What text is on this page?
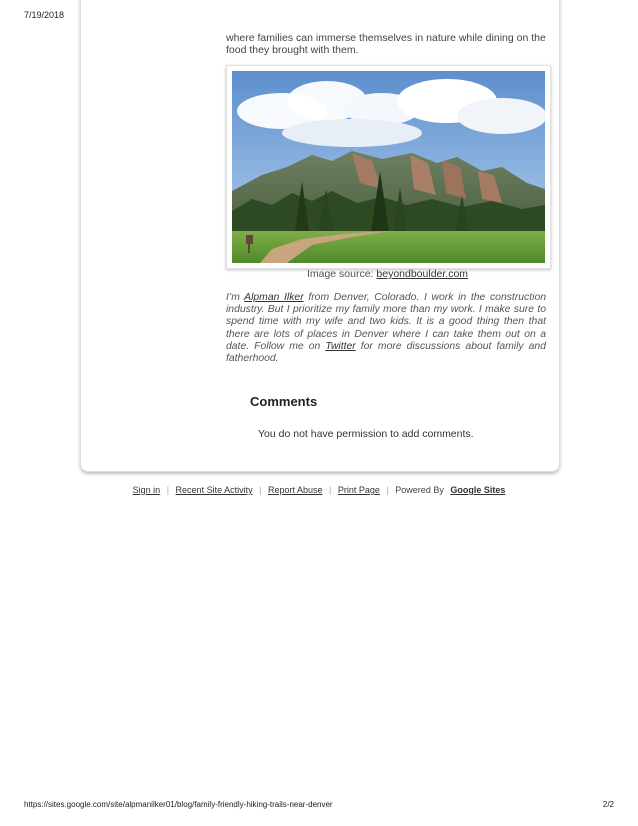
7/19/2018

where families can immerse themselves in nature while dining on the food they brought with them.

Image source: beyondboulder.com

I’m Alpman Ilker from Denver, Colorado. I work in the construction industry. But I prioritize my family more than my work. I make sure to spend time with my wife and two kids. It is a good thing then that there are lots of places in Denver where I can take them out on a date. Follow me on Twitter for more discussions about family and fatherhood.

Comments
You do not have permission to add comments.
Sign in | Recent Site Activity | Report Abuse | Print Page | Powered By Google Sites
https://sites.google.com/site/alpmanilker01/blog/family-friendly-hiking-trails-near-denver	2/2
